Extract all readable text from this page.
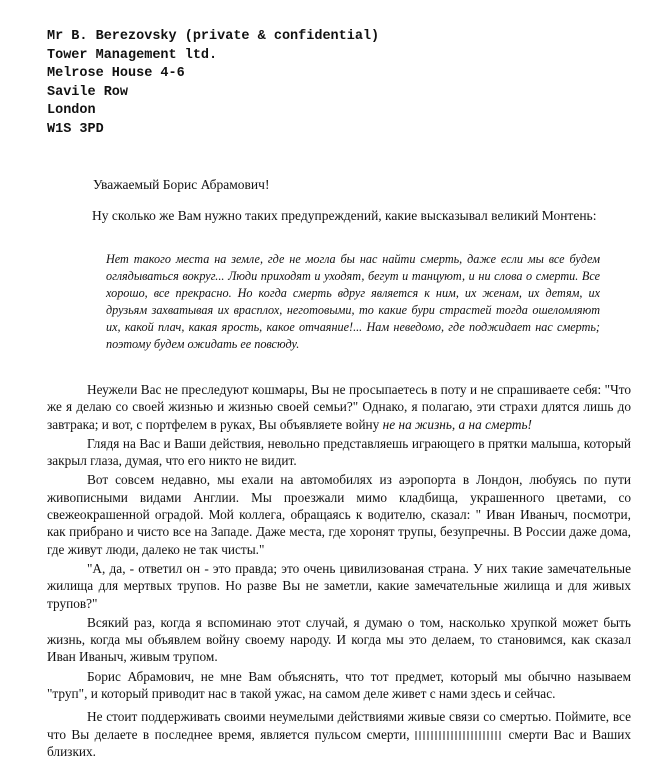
Mr B. Berezovsky (private & confidential)
Tower Management ltd.
Melrose House 4-6
Savile Row
London
W1S 3PD
Уважаемый Борис Абрамович!

Ну сколько же Вам нужно таких предупреждений, какие высказывал великий Монтень:

Нет такого места на земле, где не могла бы нас найти смерть, даже если мы все будем оглядываться вокруг... Люди приходят и уходят, бегут и танцуют, и ни слова о смерти. Все хорошо, все прекрасно. Но когда смерть вдруг является к ним, их женам, их детям, их друзьям захватывая их врасплох, неготовыми, то какие бури страстей тогда ошеломляют их, какой плач, какая ярость, какое отчаяние!... Нам неведомо, где поджидает нас смерть; поэтому будем ожидать ее повсюду.

Неужели Вас не преследуют кошмары, Вы не просыпаетесь в поту и не спрашиваете себя: "Что же я делаю со своей жизнью и жизнью своей семьи?" Однако, я полагаю, эти страхи длятся лишь до завтрака; и вот, с портфелем в руках, Вы объявляете войну не на жизнь, а на смерть!

Глядя на Вас и Ваши действия, невольно представляешь играющего в прятки малыша, который закрыл глаза, думая, что его никто не видит.

Вот совсем недавно, мы ехали на автомобилях из аэропорта в Лондон, любуясь по пути живописными видами Англии. Мы проезжали мимо кладбища, украшенного цветами, со свежеокрашенной оградой. Мой коллега, обращаясь к водителю, сказал: " Иван Иваныч, посмотри, как прибрано и чисто все на Западе. Даже места, где хоронят трупы, безупречны. В России даже дома, где живут люди, далеко не так чисты."

"А, да, - ответил он - это правда; это очень цивилизованая страна. У них такие замечательные жилища для мертвых трупов. Но разве Вы не заметли, какие замечательные жилища и для живых трупов?"

Всякий раз, когда я вспоминаю этот случай, я думаю о том, насколько хрупкой может быть жизнь, когда мы объявлем войну своему народу. И когда мы это делаем, то становимся, как сказал Иван Иваныч, живым трупом.

Борис Абрамович, не мне Вам объяснять, что тот предмет, который мы обычно называем "труп", и который приводит нас в такой ужас, на самом деле живет с нами здесь и сейчас.

Не стоит поддерживать своими неумелыми действиями живые связи со смертью. Поймите, все что Вы делаете в последнее время, является пульсом смерти,	смерти Вас и Ваших близких.
